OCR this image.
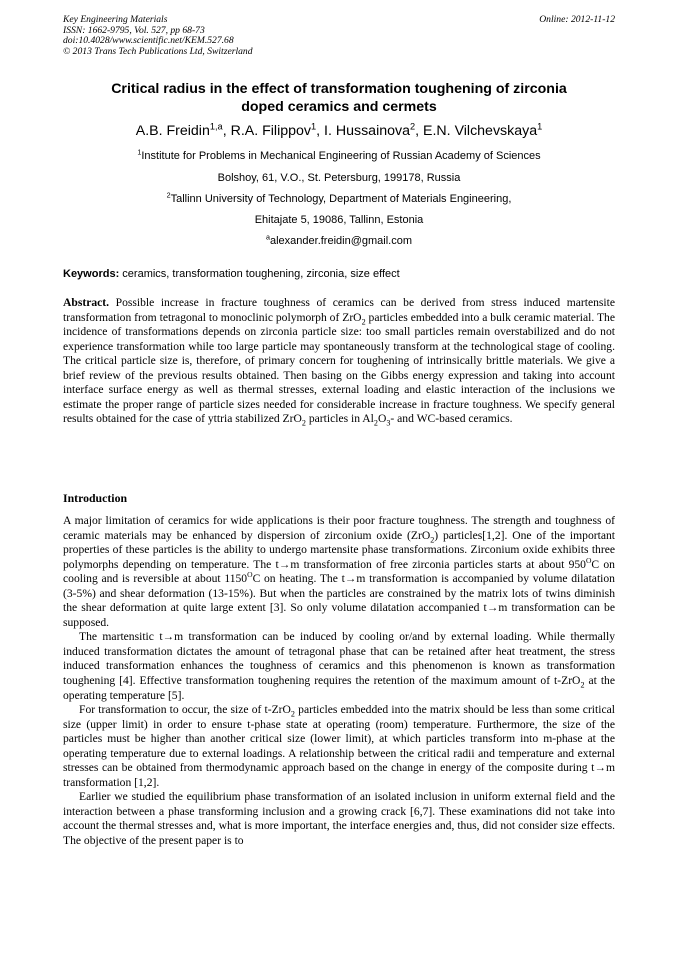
Key Engineering Materials
ISSN: 1662-9795, Vol. 527, pp 68-73
doi:10.4028/www.scientific.net/KEM.527.68
© 2013 Trans Tech Publications Ltd, Switzerland
Online: 2012-11-12
Critical radius in the effect of transformation toughening of zirconia
doped ceramics and cermets
A.B. Freidin$^{1,a}$, R.A. Filippov$^1$, I. Hussainova$^2$, E.N. Vilchevskaya$^1$
$^1$Institute for Problems in Mechanical Engineering of Russian Academy of Sciences
Bolshoy, 61, V.O., St. Petersburg, 199178, Russia
$^2$Tallinn University of Technology, Department of Materials Engineering,
Ehitajate 5, 19086, Tallinn, Estonia
$^a$alexander.freidin@gmail.com
Keywords: ceramics, transformation toughening, zirconia, size effect
Abstract. Possible increase in fracture toughness of ceramics can be derived from stress induced martensite transformation from tetragonal to monoclinic polymorph of ZrO$_2$ particles embedded into a bulk ceramic material. The incidence of transformations depends on zirconia particle size: too small particles remain overstabilized and do not experience transformation while too large particle may spontaneously transform at the technological stage of cooling. The critical particle size is, therefore, of primary concern for toughening of intrinsically brittle materials. We give a brief review of the previous results obtained. Then basing on the Gibbs energy expression and taking into account interface surface energy as well as thermal stresses, external loading and elastic interaction of the inclusions we estimate the proper range of particle sizes needed for considerable increase in fracture toughness. We specify general results obtained for the case of yttria stabilized ZrO$_2$ particles in $Al_2O_3-$ and WC-based ceramics.
Introduction

A major limitation of ceramics for wide applications is their poor fracture toughness. The strength and toughness of ceramic materials may be enhanced by dispersion of zirconium oxide (ZrO$_2$) particles[1,2]. One of the important properties of these particles is the ability to undergo martensite phase transformations. Zirconium oxide exhibits three polymorphs depending on temperature. The t→m transformation of free zirconia particles starts at about $950^OC$ on cooling and is reversible at about $1150^OC$ on heating. The t→m transformation is accompanied by volume dilatation (3-5%) and shear deformation (13-15%). But when the particles are constrained by the matrix lots of twins diminish the shear deformation at quite large extent [3]. So only volume dilatation accompanied t→m transformation can be supposed.

The martensitic t→m transformation can be induced by cooling or/and by external loading. While thermally induced transformation dictates the amount of tetragonal phase that can be retained after heat treatment, the stress induced transformation enhances the toughness of ceramics and this phenomenon is known as transformation toughening [4]. Effective transformation toughening requires the retention of the maximum amount of t-ZrO$_2$ at the operating temperature [5].

For transformation to occur, the size of t-ZrO$_2$ particles embedded into the matrix should be less than some critical size (upper limit) in order to ensure t-phase state at operating (room) temperature. Furthermore, the size of the particles must be higher than another critical size (lower limit), at which particles transform into m-phase at the operating temperature due to external loadings. A relationship between the critical radii and temperature and external stresses can be obtained from thermodynamic approach based on the change in energy of the composite during t→m transformation [1,2].

Earlier we studied the equilibrium phase transformation of an isolated inclusion in uniform external field and the interaction between a phase transforming inclusion and a growing crack [6,7]. These examinations did not take into account the thermal stresses and, what is more important, the interface energies and, thus, did not consider size effects. The objective of the present paper is to
